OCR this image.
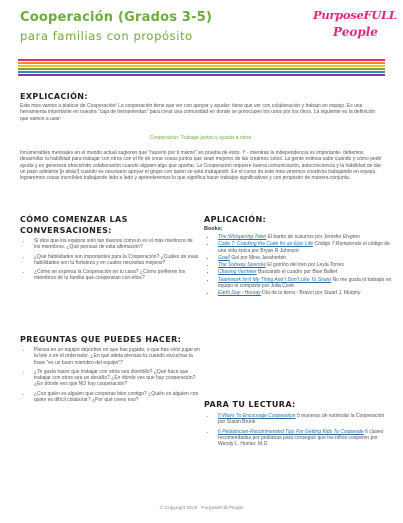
Cooperación (Grados 3-5)
para familias con propósito
PurposeFULL
People
EXPLICACIÓN:
Este mes vamos a platicar de Cooperación! La cooperación tiene que ver con apoyar y ayudar; tiene que ver con colaboración y trabajo en equipo. Es una herramienta importante en nuestra "caja de herramientas" para crear una comunidad en donde se preocupen los unos por los otros. La siguiente es la definición que vamos a usar:
Cooperación: Trabajar juntos y ayudar a otros.
Innumerables mensajes en el mundo actual sugieren que "hacerlo por ti mismo" es prueba de éxito. Y - mientras la independencia es importante- debemos desarrollar la habilidad para trabajar con otros con el fin de crear cosas juntos que sean mejores de las creamos solos. La gente exitosa sabe cuándo y cómo pedir ayuda y es generosa ofreciendo colaboración cuando alguien algo que aportar. La Cooperación requiere buena comunicación, autoconciencia y la habilidad de dar un paso adelante [o atrás!] cuando es necesario apoyar el grupo con quien se está trabajando. En el curso de este mes veremos creativos trabajando en equipo, lograremos cosas increíbles trabajando lado a lado y aprenderemos lo que significa hacer trabajos significativos y con propósito de manera conjunta.
CÓMO COMENZAR LAS
CONVERSACIONES:
• Si dice que los equipos solo tan buenos como lo es el más mediocre de los miembros. ¿Qué piensas de esta afirmación?
• ¿Qué habilidades son importantes para la Cooperación? ¿Cuáles de esas habilidades son tu fortaleza y en cuales necesitas mejorar?
• ¿Cómo se expresa la Cooperación en tu casa? ¿Cómo prefieren los miembros de tu familia que cooperaran con ellos?
PREGUNTAS QUE PUEDES HACER:
• Piensa en un equipo deportivo en que has jugado, o que has visto jugar en la tele o en el ordenador. ¿En qué atleta piensas tú cuando escuchas la frase "es un buen miembro del equipo"?
• ¿Te gusta hacer que trabajar con otros sea divertido? ¿Qué hace que trabajar con otros sea un desafío? ¿En dónde ves que hay cooperación? ¿En dónde ves que NO hay cooperación?
• ¿Con quién es alguien que cooperas bien contigo? ¿Quién es alguien con quien es difícil colaborar? ¿Por qué crees eso?
APLICACIÓN:
Books:
• The Whispering Town El barrio de susurros por Jennifer Elvgren
• Code 7: Cracking the Code for an Epic Life Código 7:Rompiendo el código de una vida épica por Bryan R Johnson
• Goal! Gol por Mina Javaherbin
• The Subway Sparrow El gorrión del tren por Leyla Torres
• Chasing Vermeer Buscando el cuadro por Blue Balliet
• Teamwork Isn't My Thing And I Don't Like To Share No me gusta ni trabajar en equipo ni compartir por Julia Cook
• Earth Day - Hooray Día de la tierra - Bravo! por Stuart J. Murphy
PARA TU LECTURA:
• 5 Ways To Encourage Cooperation 5 maneras de estimular la Cooperación por Susan Brunk
• 6 Pediatrician-Recommended Tips For Getting Kids To Cooperate 6 claves recomendadas por pediatras para conseguir que los niños cooperen por Wendy L. Hunter, M.D.
© Copyright 2019 · PurposeFull People
